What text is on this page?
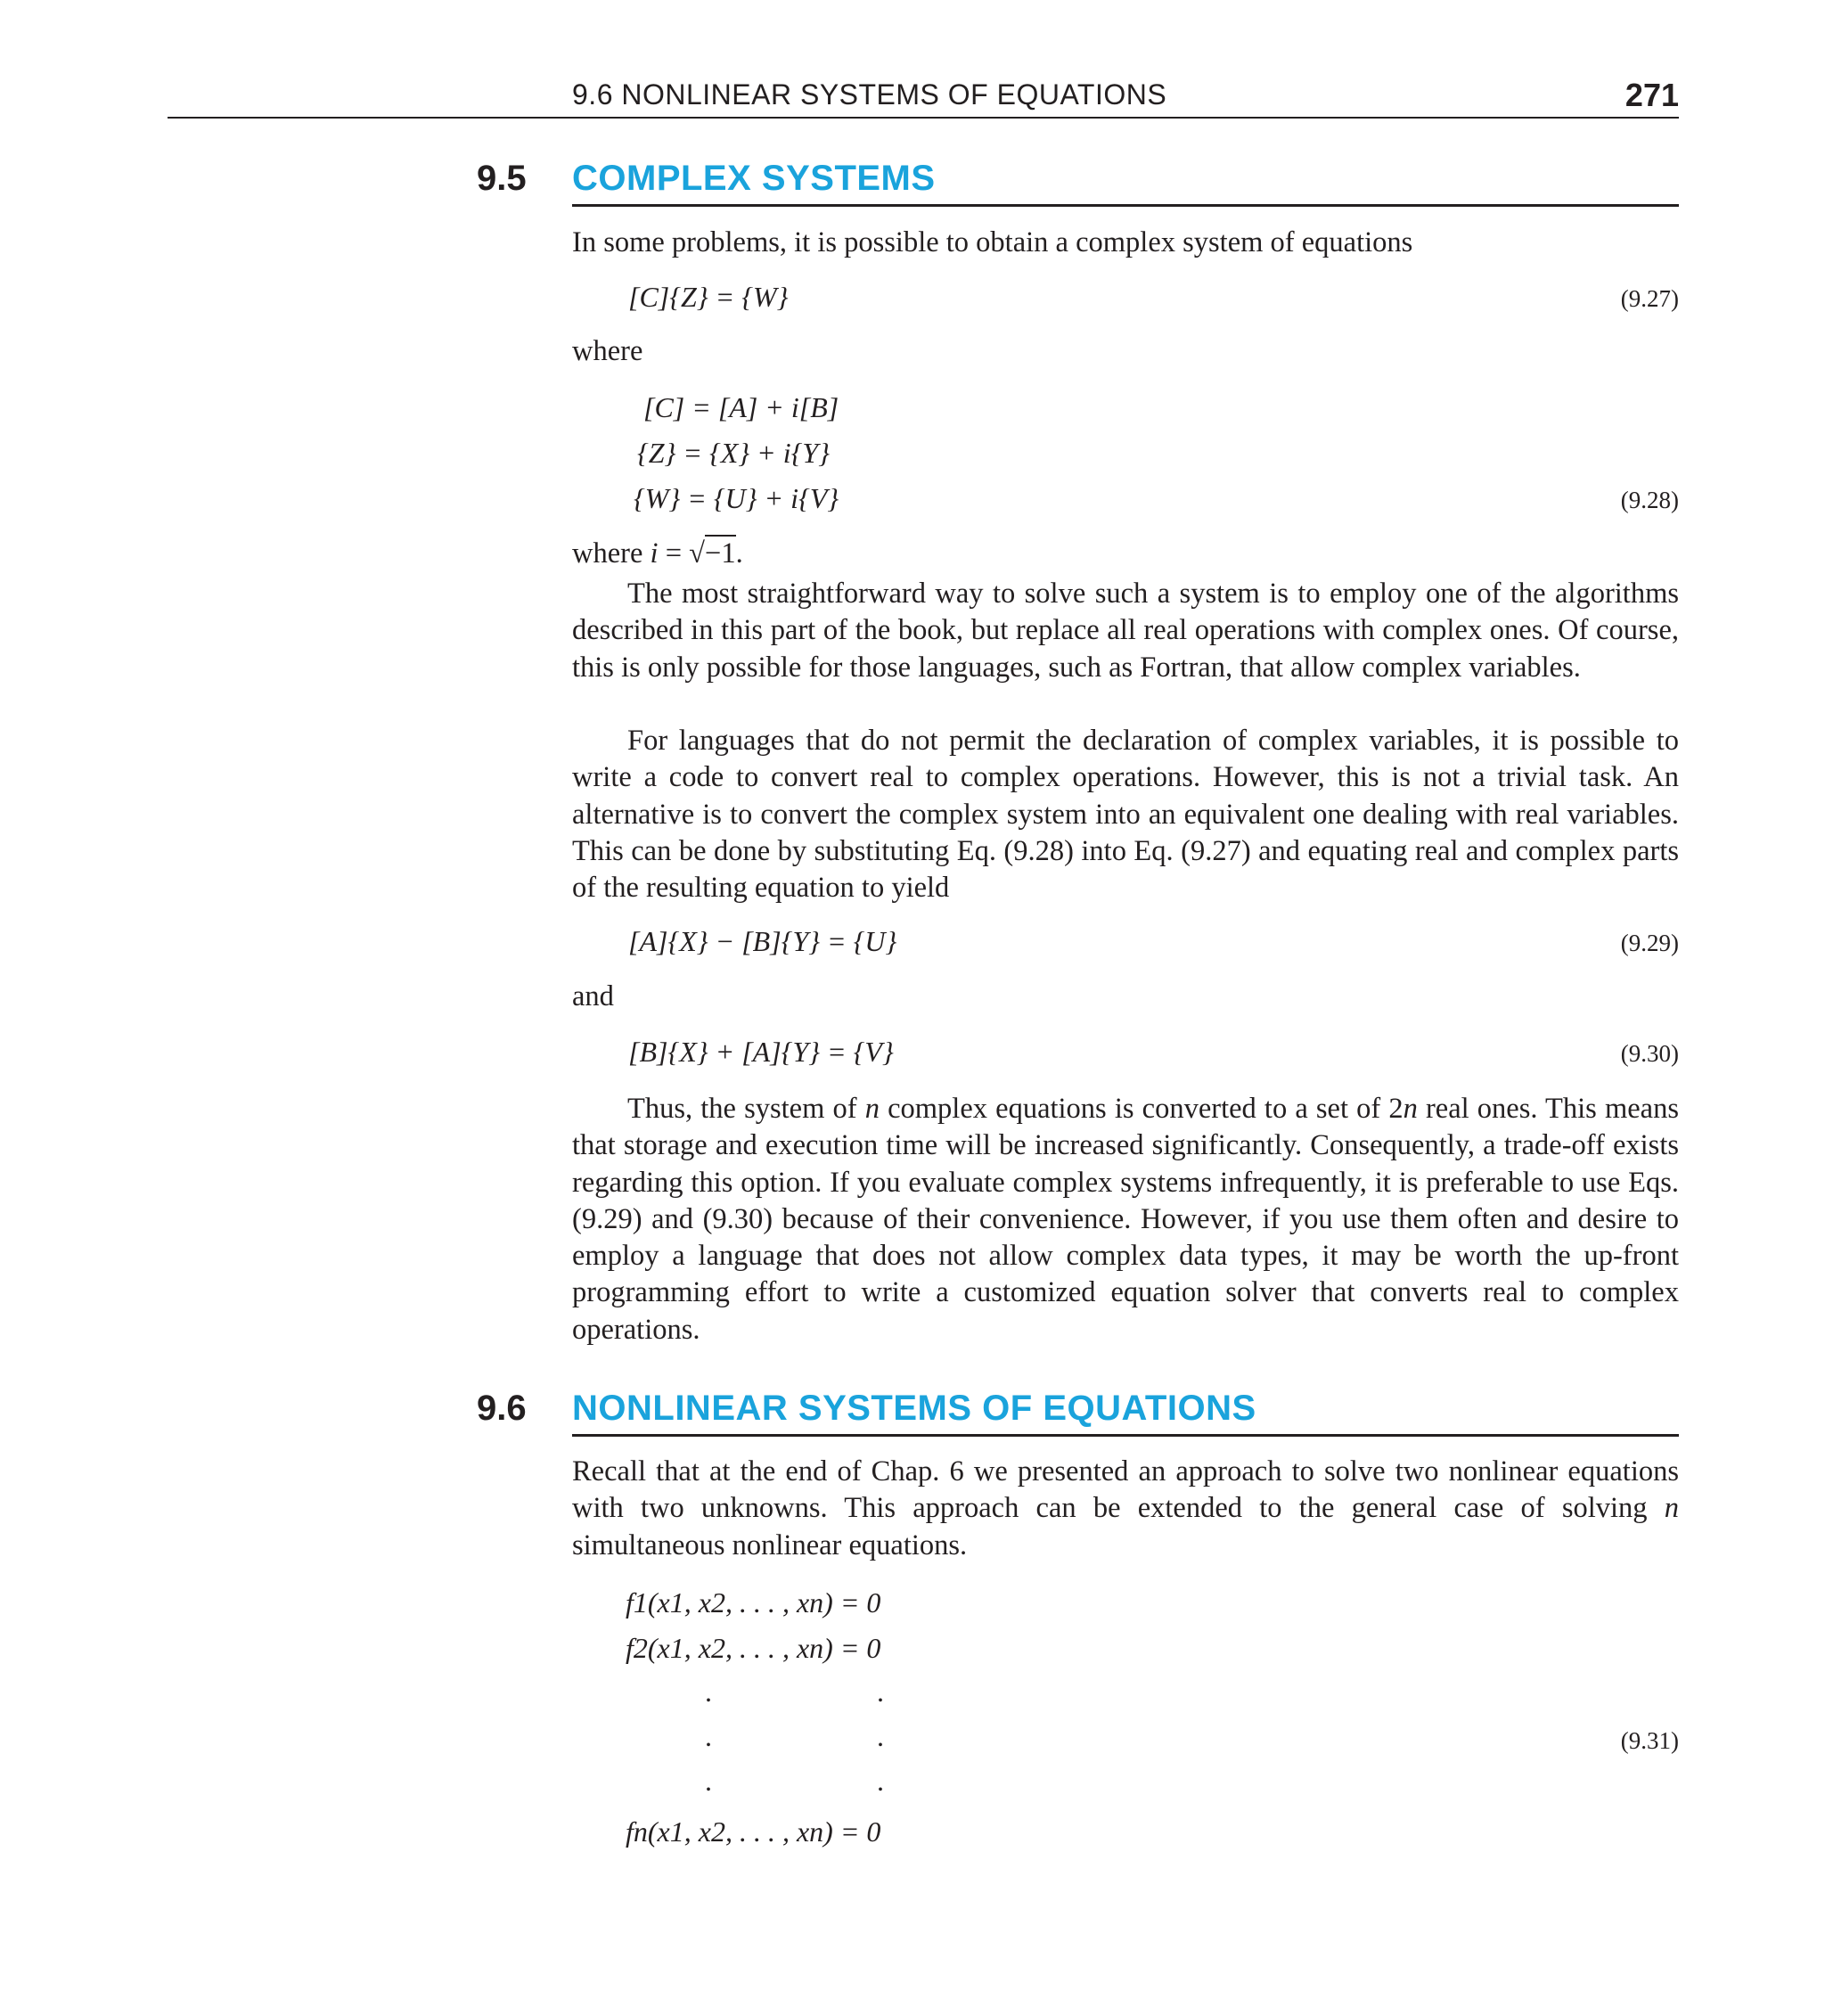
9.6 NONLINEAR SYSTEMS OF EQUATIONS	271
9.5 COMPLEX SYSTEMS

In some problems, it is possible to obtain a complex system of equations

[C]{Z} = {W}	(9.27)
where
[C] = [A] + i[B]
{Z} = {X} + i{Y}
{W} = {U} + i{V}	(9.28)
where i = √−1.

The most straightforward way to solve such a system is to employ one of the algorithms described in this part of the book, but replace all real operations with complex ones. Of course, this is only possible for those languages, such as Fortran, that allow complex variables.

For languages that do not permit the declaration of complex variables, it is possible to write a code to convert real to complex operations. However, this is not a trivial task. An alternative is to convert the complex system into an equivalent one dealing with real variables. This can be done by substituting Eq. (9.28) into Eq. (9.27) and equating real and complex parts of the resulting equation to yield

[A]{X} − [B]{Y} = {U}	(9.29)
and
[B]{X} + [A]{Y} = {V}	(9.30)

Thus, the system of n complex equations is converted to a set of 2n real ones. This means that storage and execution time will be increased significantly. Consequently, a trade-off exists regarding this option. If you evaluate complex systems infrequently, it is preferable to use Eqs. (9.29) and (9.30) because of their convenience. However, if you use them often and desire to employ a language that does not allow complex data types, it may be worth the up-front programming effort to write a customized equation solver that converts real to complex operations.

9.6 NONLINEAR SYSTEMS OF EQUATIONS

Recall that at the end of Chap. 6 we presented an approach to solve two nonlinear equations with two unknowns. This approach can be extended to the general case of solving n simultaneous nonlinear equations.

f1(x1, x2, . . . , xn) = 0
f2(x1, x2, . . . , xn) = 0
.	.
.	.
.	.
(9.31)
fn(x1, x2, . . . , xn) = 0
